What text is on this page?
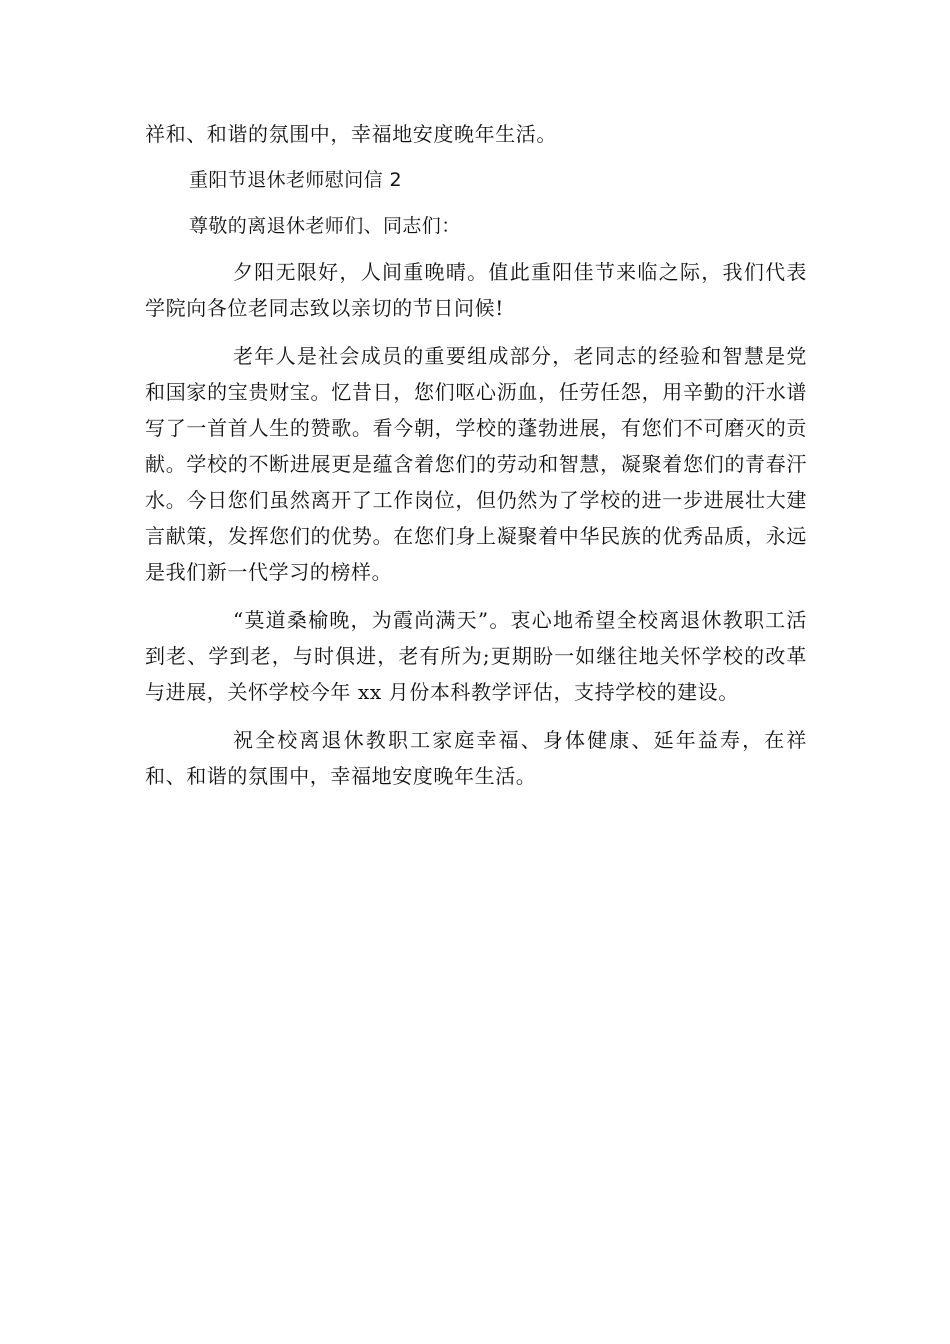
祥和、和谐的氛围中，幸福地安度晚年生活。

重阳节退休老师慰问信 2

尊敬的离退休老师们、同志们：

夕阳无限好，人间重晚晴。值此重阳佳节来临之际，我们代表学院向各位老同志致以亲切的节日问候!

老年人是社会成员的重要组成部分，老同志的经验和智慧是党和国家的宝贵财宝。忆昔日，您们呕心沥血，任劳任怨，用辛勤的汗水谱写了一首首人生的赞歌。看今朝，学校的蓬勃进展，有您们不可磨灭的贡献。学校的不断进展更是蕴含着您们的劳动和智慧，凝聚着您们的青春汗水。今日您们虽然离开了工作岗位，但仍然为了学校的进一步进展壮大建言献策，发挥您们的优势。在您们身上凝聚着中华民族的优秀品质，永远是我们新一代学习的榜样。

“莫道桑榆晚，为霞尚满天”。衷心地希望全校离退休教职工活到老、学到老，与时俱进，老有所为;更期盼一如继往地关怀学校的改革与进展，关怀学校今年 xx 月份本科教学评估，支持学校的建设。

祝全校离退休教职工家庭幸福、身体健康、延年益寿，在祥和、和谐的氛围中，幸福地安度晚年生活。
